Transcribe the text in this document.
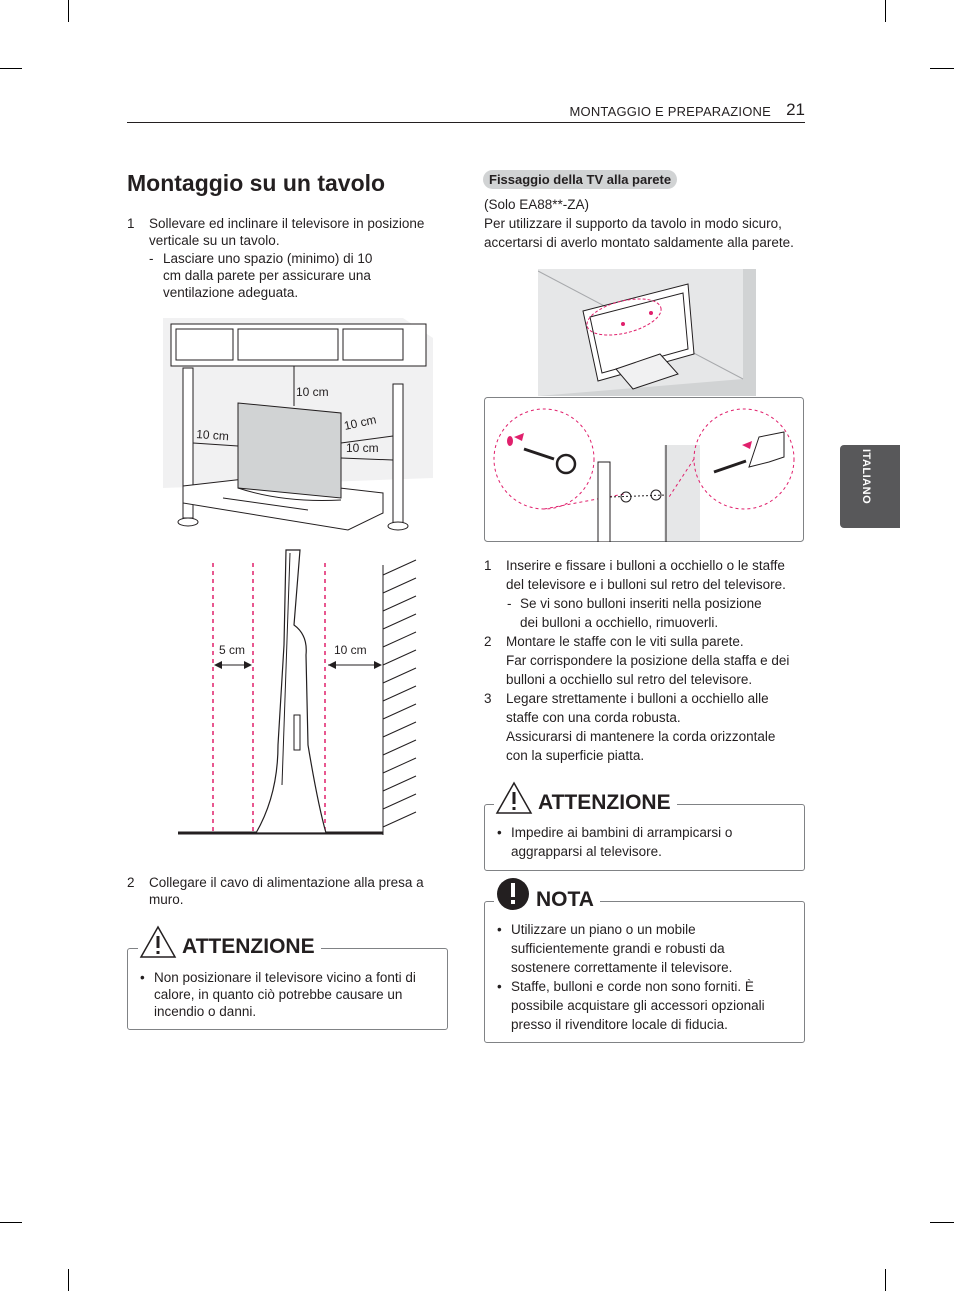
MONTAGGIO E PREPARAZIONE 21
ITALIANO
Montaggio su un tavolo
1 Sollevare ed inclinare il televisore in posizione
verticale su un tavolo.
- Lasciare uno spazio (minimo) di 10
cm dalla parete per assicurare una
ventilazione adeguata.
10 cm
10 cm
10 cm
10 cm
5 cm	10 cm
2 Collegare il cavo di alimentazione alla presa a
muro.
ATTENZIONE
• Non posizionare il televisore vicino a fonti di
calore, in quanto ciò potrebbe causare un
incendio o danni.
Fissaggio della TV alla parete
(Solo EA88**-ZA)
Per utilizzare il supporto da tavolo in modo sicuro,
accertarsi di averlo montato saldamente alla parete.
1 Inserire e fissare i bulloni a occhiello o le staffe
del televisore e i bulloni sul retro del televisore.
- Se vi sono bulloni inseriti nella posizione
dei bulloni a occhiello, rimuoverli.
2 Montare le staffe con le viti sulla parete.
Far corrispondere la posizione della staffa e dei
bulloni a occhiello sul retro del televisore.
3 Legare strettamente i bulloni a occhiello alle
staffe con una corda robusta.
Assicurarsi di mantenere la corda orizzontale
con la superficie piatta.
ATTENZIONE
• Impedire ai bambini di arrampicarsi o
aggrapparsi al televisore.
NOTA
• Utilizzare un piano o un mobile
sufficientemente grandi e robusti da
sostenere correttamente il televisore.
• Staffe, bulloni e corde non sono forniti. È
possibile acquistare gli accessori opzionali
presso il rivenditore locale di fiducia.
